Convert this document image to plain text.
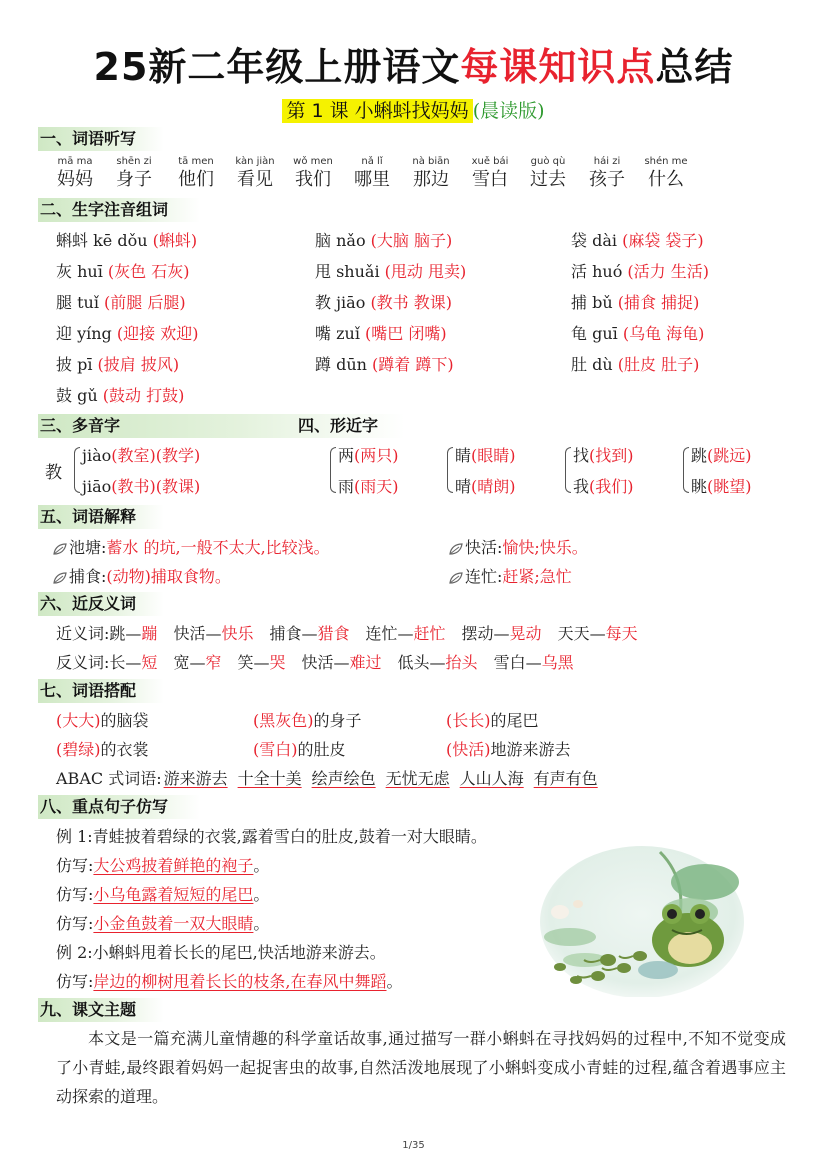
25新二年级上册语文每课知识点总结
第 1 课 小蝌蚪找妈妈 (晨读版)
一、词语听写
mā ma
妈妈
shēn zi
身子
tā men
他们
kàn jiàn
看见
wǒ men
我们
nǎ lǐ
哪里
nà biān
那边
xuě bái
雪白
guò qù
过去
hái zi
孩子
shén me
什么
二、生字注音组词
蝌蚪 kē dǒu (蝌蚪)	脑 nǎo (大脑 脑子)	袋 dài (麻袋 袋子)
灰 huī (灰色 石灰)	甩 shuǎi (甩动 甩卖)	活 huó (活力 生活)
腿 tuǐ (前腿 后腿)	教 jiāo (教书 教课)	捕 bǔ (捕食 捕捉)
迎 yíng (迎接 欢迎)	嘴 zuǐ (嘴巴 闭嘴)	龟 guī (乌龟 海龟)
披 pī (披肩 披风)	蹲 dūn (蹲着 蹲下)	肚 dù (肚皮 肚子)
鼓 gǔ (鼓动 打鼓)
三、多音字	四、形近字
教
jiào(教室)(教学)
jiāo(教书)(教课)
两(两只)
雨(雨天)
睛(眼睛)
晴(晴朗)
找(找到)
我(我们)
跳(跳远)
眺(眺望)
五、词语解释
池塘:蓄水 的坑,一般不太大,比较浅。	快活:愉快;快乐。
捕食:(动物)捕取食物。	连忙:赶紧;急忙
六、近反义词
近义词:跳—蹦 快活—快乐 捕食—猎食 连忙—赶忙 摆动—晃动 天天—每天
反义词:长—短 宽—窄 笑—哭 快活—难过 低头—抬头 雪白—乌黑
七、词语搭配
(大大)的脑袋	(黑灰色)的身子	(长长)的尾巴
(碧绿)的衣裳	(雪白)的肚皮	(快活)地游来游去
ABAC 式词语: 游来游去 十全十美 绘声绘色 无忧无虑 人山人海 有声有色
八、重点句子仿写
例 1:青蛙披着碧绿的衣裳,露着雪白的肚皮,鼓着一对大眼睛。
仿写:大公鸡披着鲜艳的袍子。
仿写:小乌龟露着短短的尾巴。
仿写:小金鱼鼓着一双大眼睛。
例 2:小蝌蚪甩着长长的尾巴,快活地游来游去。
仿写:岸边的柳树甩着长长的枝条,在春风中舞蹈。
九、课文主题
本文是一篇充满儿童情趣的科学童话故事,通过描写一群小蝌蚪在寻找妈妈的过程中,不知不觉变成了小青蛙,最终跟着妈妈一起捉害虫的故事,自然活泼地展现了小蝌蚪变成小青蛙的过程,蕴含着遇事应主动探索的道理。
1/35
